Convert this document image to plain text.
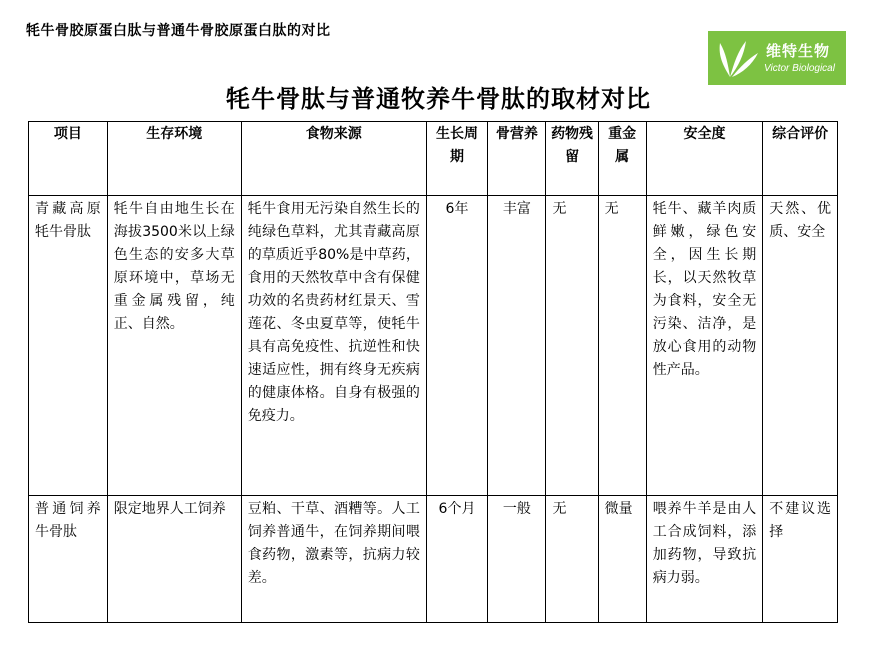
牦牛骨胶原蛋白肽与普通牛骨胶原蛋白肽的对比
维特生物
Victor Biological
牦牛骨肽与普通牧养牛骨肽的取材对比
项目	生存环境	食物来源	生长周期	骨营养	药物残留	重金属	安全度	综合评价
青藏高原牦牛骨肽	牦牛自由地生长在海拔3500米以上绿色生态的安多大草原环境中，草场无重金属残留，纯正、自然。	牦牛食用无污染自然生长的纯绿色草料，尤其青藏高原的草质近乎80%是中草药，食用的天然牧草中含有保健功效的名贵药材红景天、雪莲花、冬虫夏草等，使牦牛具有高免疫性、抗逆性和快速适应性，拥有终身无疾病的健康体格。自身有极强的免疫力。	6年	丰富	无	无	牦牛、藏羊肉质鲜嫩，绿色安全，因生长期长，以天然牧草为食料，安全无污染、洁净，是放心食用的动物性产品。	天然、优质、安全
普通饲养牛骨肽	限定地界人工饲养	豆粕、干草、酒糟等。人工饲养普通牛，在饲养期间喂食药物，激素等，抗病力较差。	6个月	一般	无	微量	喂养牛羊是由人工合成饲料，添加药物，导致抗病力弱。	不建议选择
